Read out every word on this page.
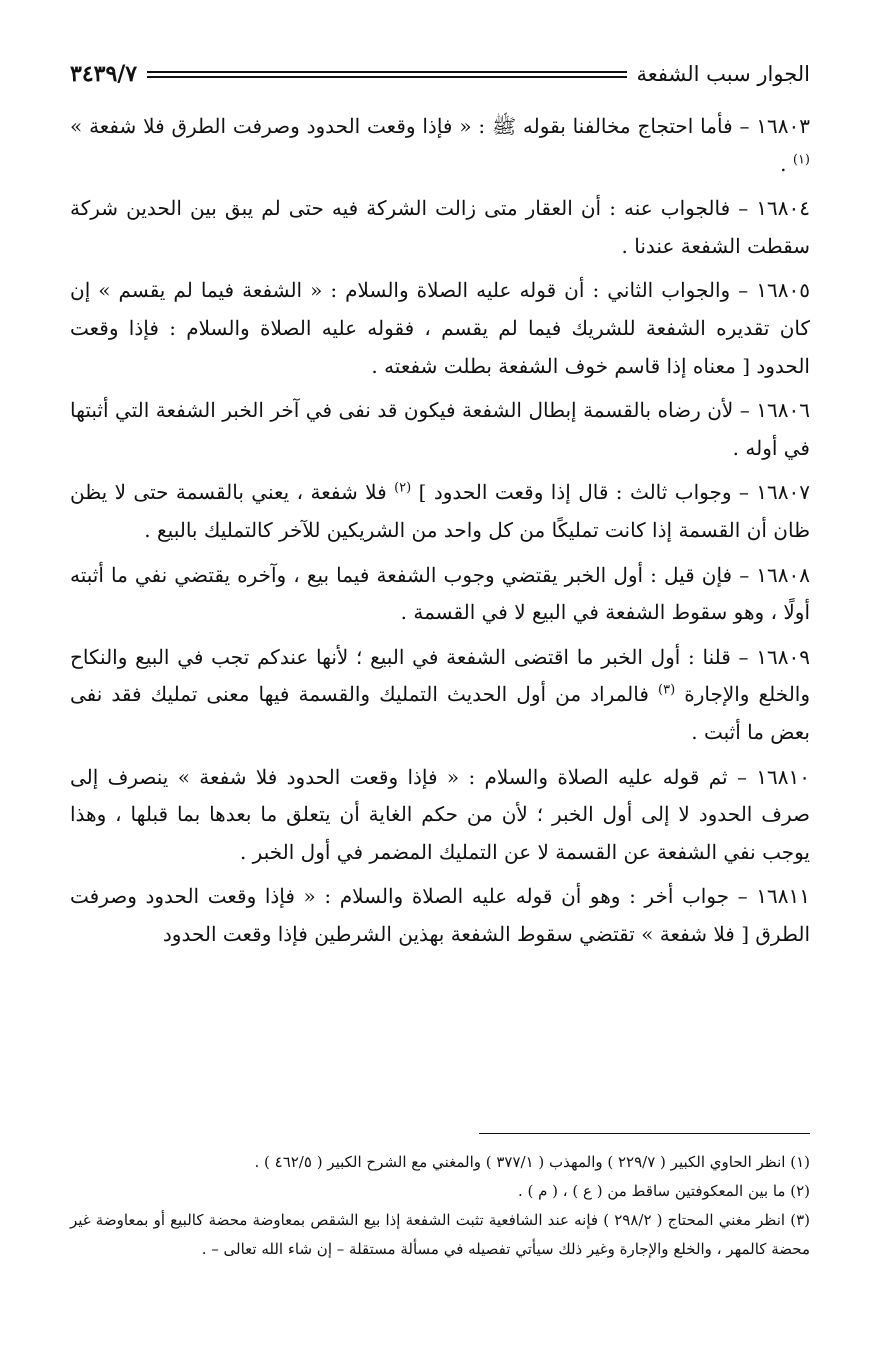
٣٤٣٩/٧	الجوار سبب الشفعة

١٦٨٠٣ – فأما احتجاج مخالفنا بقوله ﷺ : « فإذا وقعت الحدود وصرفت الطرق فلا شفعة » $^{(١)}$ .

١٦٨٠٤ – فالجواب عنه : أن العقار متى زالت الشركة فيه حتى لم يبق بين الحدين شركة سقطت الشفعة عندنا .

١٦٨٠٥ – والجواب الثاني : أن قوله عليه الصلاة والسلام : « الشفعة فيما لم يقسم » إن كان تقديره الشفعة للشريك فيما لم يقسم ، فقوله عليه الصلاة والسلام : فإذا وقعت الحدود [ معناه إذا قاسم خوف الشفعة بطلت شفعته .

١٦٨٠٦ – لأن رضاه بالقسمة إبطال الشفعة فيكون قد نفى في آخر الخبر الشفعة التي أثبتها في أوله .

١٦٨٠٧ – وجواب ثالث : قال إذا وقعت الحدود ] $^{(٢)}$ فلا شفعة ، يعني بالقسمة حتى لا يظن ظان أن القسمة إذا كانت تمليكًا من كل واحد من الشريكين للآخر كالتمليك بالبيع .

١٦٨٠٨ – فإن قيل : أول الخبر يقتضي وجوب الشفعة فيما بيع ، وآخره يقتضي نفي ما أثبته أولًا ، وهو سقوط الشفعة في البيع لا في القسمة .

١٦٨٠٩ – قلنا : أول الخبر ما اقتضى الشفعة في البيع ؛ لأنها عندكم تجب في البيع والنكاح والخلع والإجارة $^{(٣)}$ فالمراد من أول الحديث التمليك والقسمة فيها معنى تمليك فقد نفى بعض ما أثبت .

١٦٨١٠ – ثم قوله عليه الصلاة والسلام : « فإذا وقعت الحدود فلا شفعة » ينصرف إلى صرف الحدود لا إلى أول الخبر ؛ لأن من حكم الغاية أن يتعلق ما بعدها بما قبلها ، وهذا يوجب نفي الشفعة عن القسمة لا عن التمليك المضمر في أول الخبر .

١٦٨١١ – جواب أخر : وهو أن قوله عليه الصلاة والسلام : « فإذا وقعت الحدود وصرفت الطرق [ فلا شفعة » تقتضي سقوط الشفعة بهذين الشرطين فإذا وقعت الحدود

(١) انظر الحاوي الكبير ( ٢٢٩/٧ ) والمهذب ( ٣٧٧/١ ) والمغني مع الشرح الكبير ( ٤٦٢/٥ ) .

(٢) ما بين المعكوفتين ساقط من ( ع ) ، ( م ) .

(٣) انظر مغني المحتاج ( ٢٩٨/٢ ) فإنه عند الشافعية تثبت الشفعة إذا بيع الشقص بمعاوضة محضة كالبيع أو بمعاوضة غير محضة كالمهر ، والخلع والإجارة وغير ذلك سيأتي تفصيله في مسألة مستقلة – إن شاء الله تعالى – .
